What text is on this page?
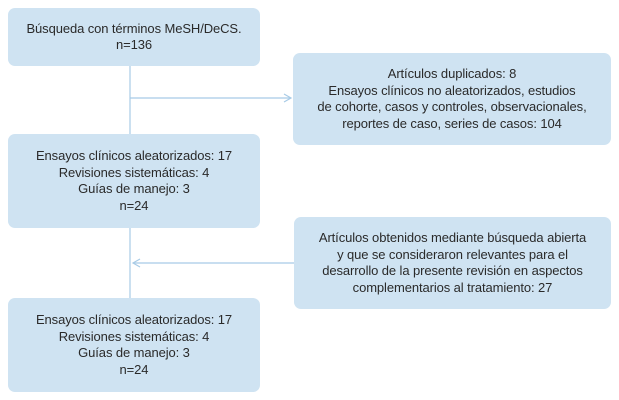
Búsqueda con términos MeSH/DeCS.
n=136
Artículos duplicados: 8
Ensayos clínicos no aleatorizados, estudios
de cohorte, casos y controles, observacionales,
reportes de caso, series de casos: 104
Ensayos clínicos aleatorizados: 17
Revisiones sistemáticas: 4
Guías de manejo: 3
n=24
Artículos obtenidos mediante búsqueda abierta
y que se consideraron relevantes para el
desarrollo de la presente revisión en aspectos
complementarios al tratamiento: 27
Ensayos clínicos aleatorizados: 17
Revisiones sistemáticas: 4
Guías de manejo: 3
n=24
